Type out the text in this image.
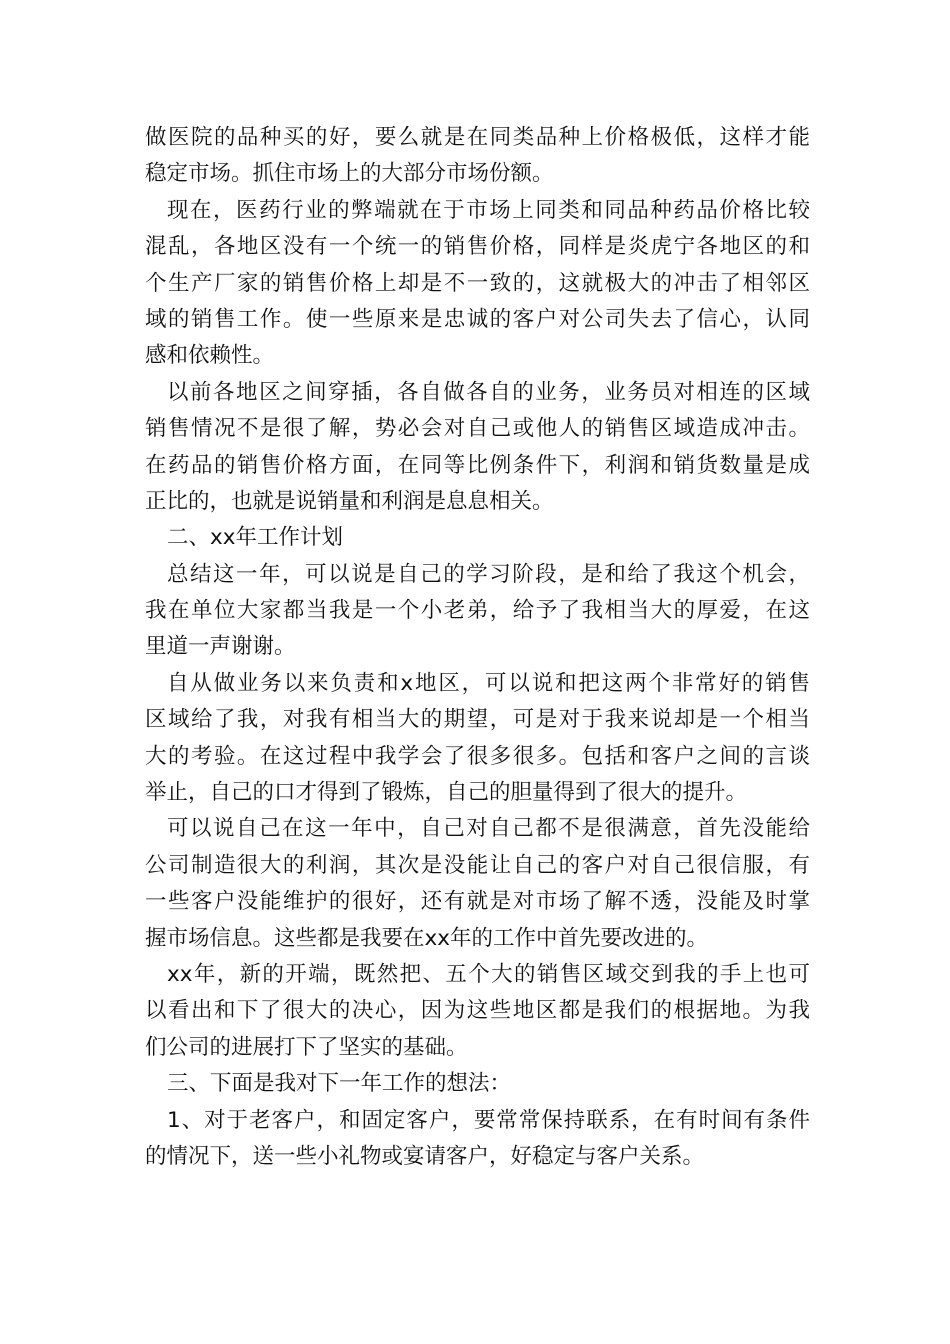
做医院的品种买的好，要么就是在同类品种上价格极低，这样才能
稳定市场。抓住市场上的大部分市场份额。
现在，医药行业的弊端就在于市场上同类和同品种药品价格比较
混乱，各地区没有一个统一的销售价格，同样是炎虎宁各地区的和
个生产厂家的销售价格上却是不一致的，这就极大的冲击了相邻区
域的销售工作。使一些原来是忠诚的客户对公司失去了信心，认同
感和依赖性。
以前各地区之间穿插，各自做各自的业务，业务员对相连的区域
销售情况不是很了解，势必会对自己或他人的销售区域造成冲击。
在药品的销售价格方面，在同等比例条件下，利润和销货数量是成
正比的，也就是说销量和利润是息息相关。
二、xx年工作计划
总结这一年，可以说是自己的学习阶段，是和给了我这个机会，
我在单位大家都当我是一个小老弟，给予了我相当大的厚爱，在这
里道一声谢谢。
自从做业务以来负责和x地区，可以说和把这两个非常好的销售
区域给了我，对我有相当大的期望，可是对于我来说却是一个相当
大的考验。在这过程中我学会了很多很多。包括和客户之间的言谈
举止，自己的口才得到了锻炼，自己的胆量得到了很大的提升。
可以说自己在这一年中，自己对自己都不是很满意，首先没能给
公司制造很大的利润，其次是没能让自己的客户对自己很信服，有
一些客户没能维护的很好，还有就是对市场了解不透，没能及时掌
握市场信息。这些都是我要在xx年的工作中首先要改进的。
xx年，新的开端，既然把、五个大的销售区域交到我的手上也可
以看出和下了很大的决心，因为这些地区都是我们的根据地。为我
们公司的进展打下了坚实的基础。
三、下面是我对下一年工作的想法：
1、对于老客户，和固定客户，要常常保持联系，在有时间有条件
的情况下，送一些小礼物或宴请客户，好稳定与客户关系。
